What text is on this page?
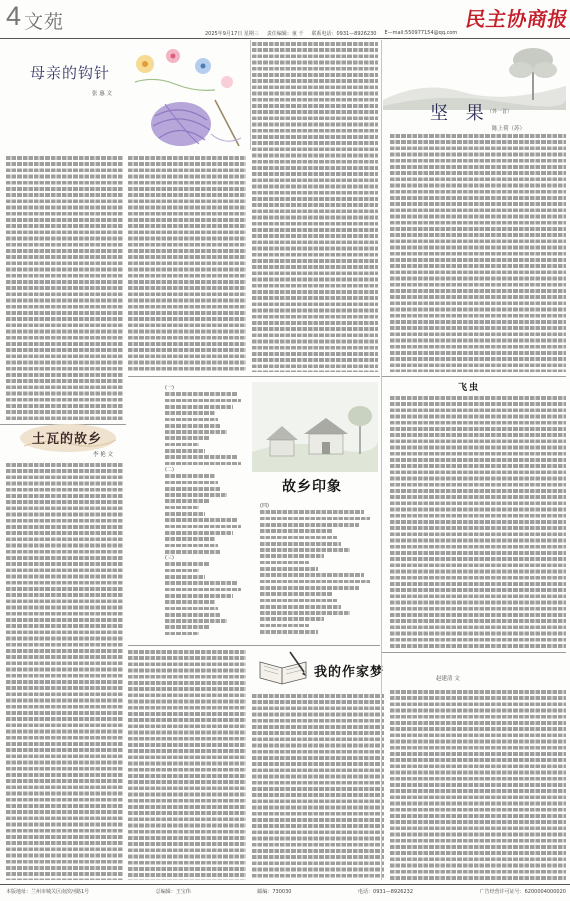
4 文苑	民主协商报
2025年9月17日 星期三 责任编辑：童 千 联系电话：0931—8926230 E—mail:550977154@qq.com
母亲的钩针
张 惠 文
坚 果
（外一首）
陈上荷（苏）
飞虫
土瓦的故乡
李 艳 文
(一)
(二)
(三)
故乡印象
(四)
我的作家梦	赵建清 文
本版地址：兰州市城关区南滨河路1号	总编辑：王宝伟	邮编：730030	电话：0931—8926232	广告经营许可证号：6200004000020
